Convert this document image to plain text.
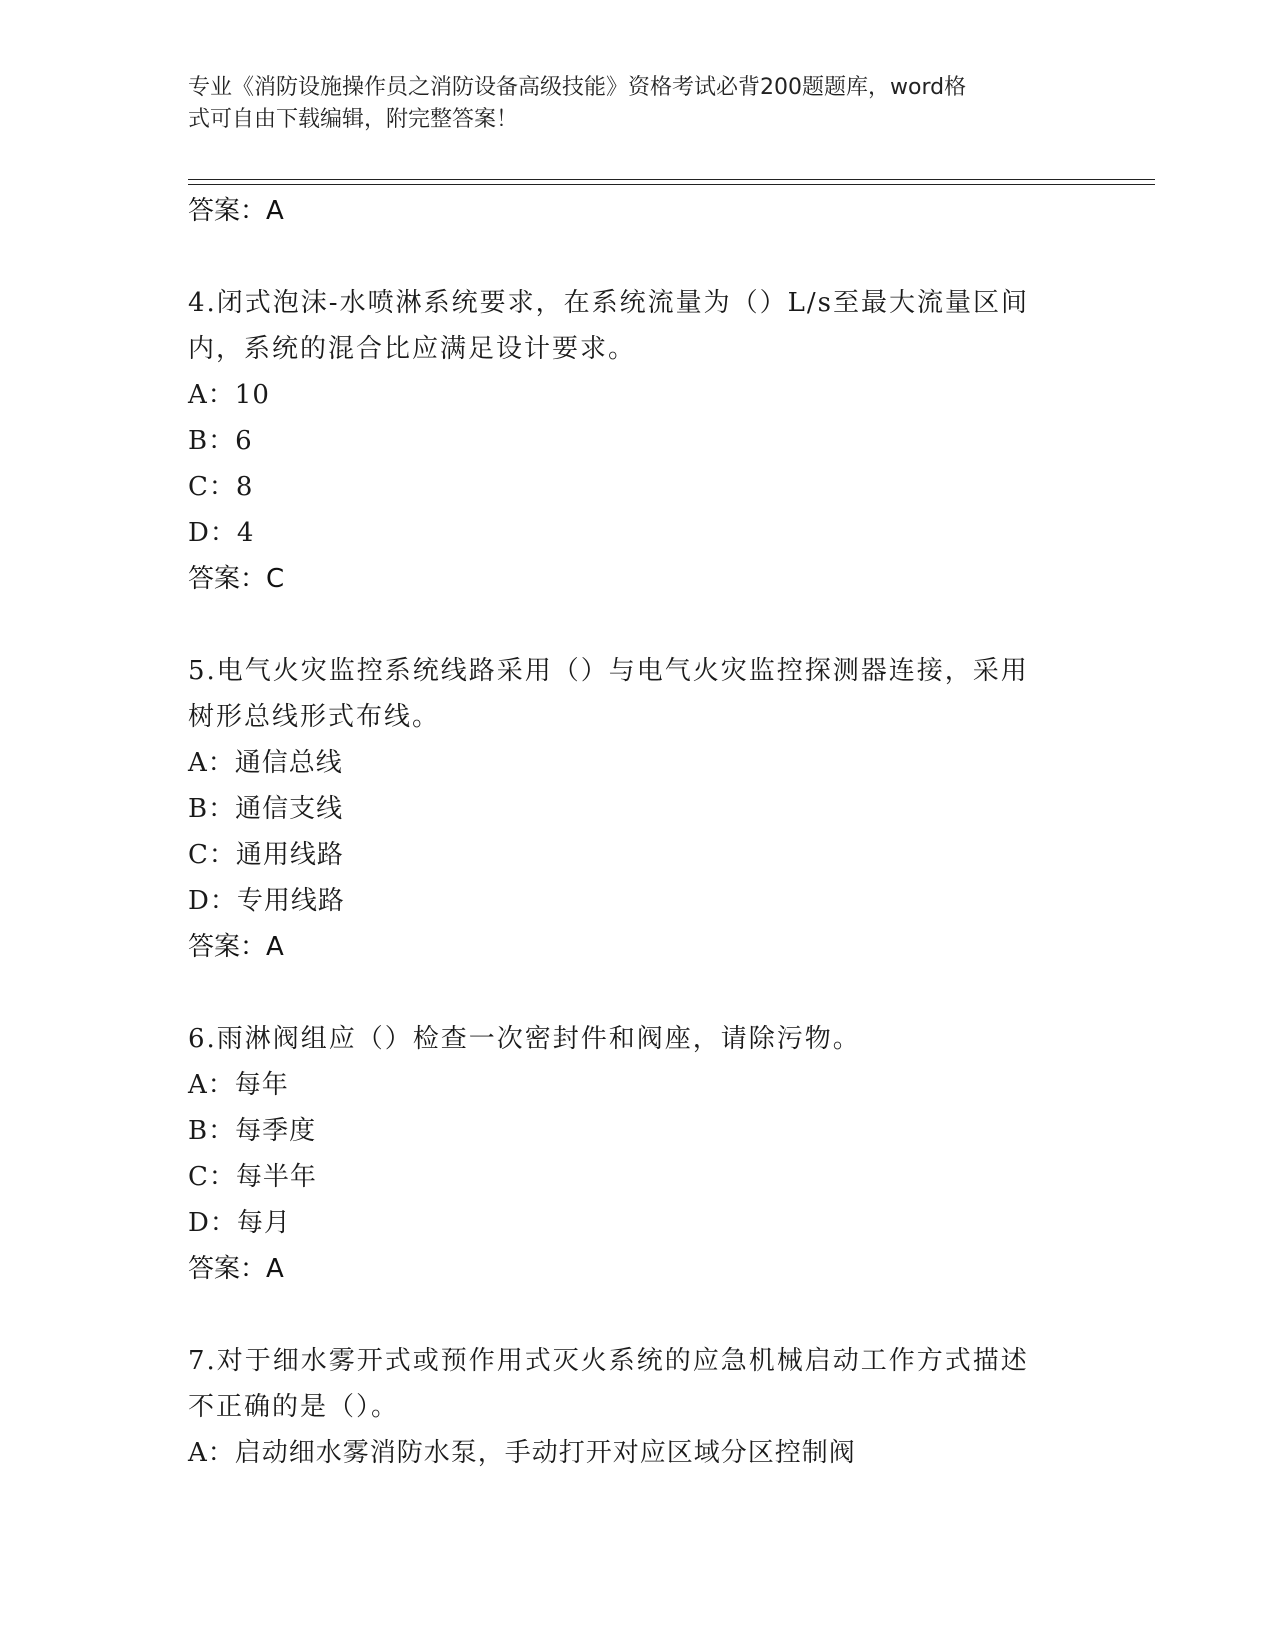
专业《消防设施操作员之消防设备高级技能》资格考试必背200题题库，word格
式可自由下载编辑，附完整答案！
答案：A
4.闭式泡沫-水喷淋系统要求，在系统流量为（）L/s至最大流量区间
内，系统的混合比应满足设计要求。
A：10
B：6
C：8
D：4
答案：C
5.电气火灾监控系统线路采用（）与电气火灾监控探测器连接，采用
树形总线形式布线。
A：通信总线
B：通信支线
C：通用线路
D：专用线路
答案：A
6.雨淋阀组应（）检查一次密封件和阀座，请除污物。
A：每年
B：每季度
C：每半年
D：每月
答案：A
7.对于细水雾开式或预作用式灭火系统的应急机械启动工作方式描述
不正确的是（）。
A：启动细水雾消防水泵，手动打开对应区域分区控制阀
